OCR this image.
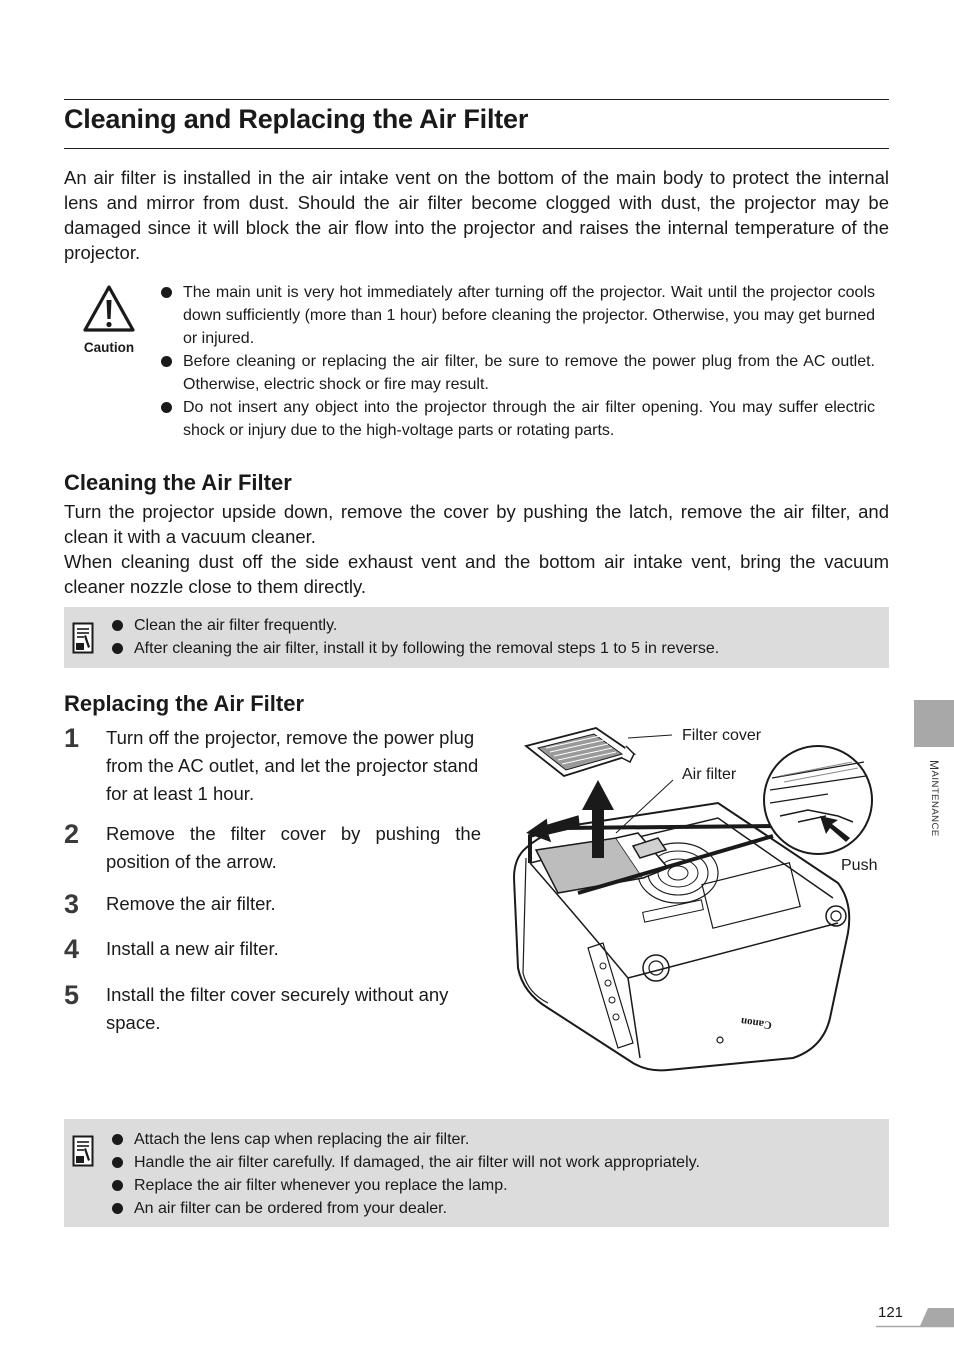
Cleaning and Replacing the Air Filter

An air filter is installed in the air intake vent on the bottom of the main body to protect the internal lens and mirror from dust. Should the air filter become clogged with dust, the projector may be damaged since it will block the air flow into the projector and raises the internal temperature of the projector.

Caution
The main unit is very hot immediately after turning off the projector. Wait until the projector cools down sufficiently (more than 1 hour) before cleaning the projector. Otherwise, you may get burned or injured.
Before cleaning or replacing the air filter, be sure to remove the power plug from the AC outlet. Otherwise, electric shock or fire may result.
Do not insert any object into the projector through the air filter opening. You may suffer electric shock or injury due to the high-voltage parts or rotating parts.
Cleaning the Air Filter

Turn the projector upside down, remove the cover by pushing the latch, remove the air filter, and clean it with a vacuum cleaner.

When cleaning dust off the side exhaust vent and the bottom air intake vent, bring the vacuum cleaner nozzle close to them directly.

Clean the air filter frequently.
After cleaning the air filter, install it by following the removal steps 1 to 5 in reverse.
Replacing the Air Filter
1 Turn off the projector, remove the power plug from the AC outlet, and let the projector stand for at least 1 hour.

2 Remove the filter cover by pushing the position of the arrow.

3 Remove the air filter.

4 Install a new air filter.

5 Install the filter cover securely without any space.

Filter cover
Air filter
Push
Canon
Attach the lens cap when replacing the air filter.
Handle the air filter carefully. If damaged, the air filter will not work appropriately.
Replace the air filter whenever you replace the lamp.
An air filter can be ordered from your dealer.
MAINTENANCE
121
